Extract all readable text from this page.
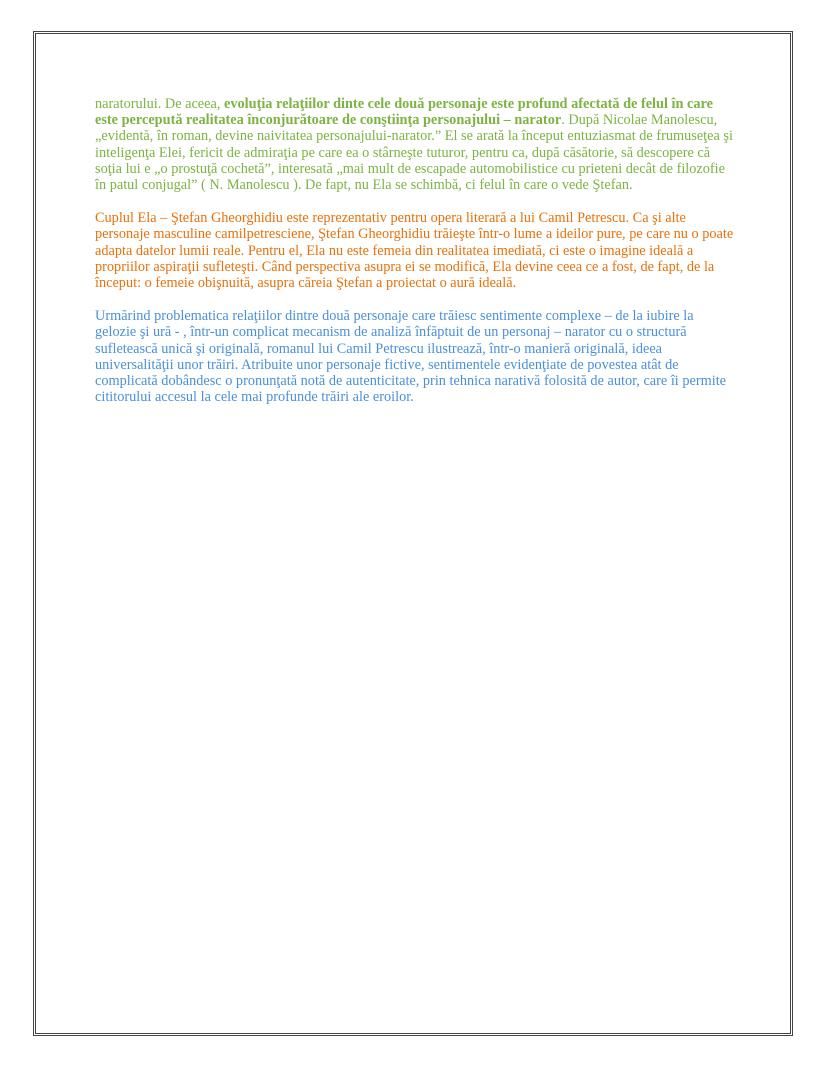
naratorului. De aceea, evoluţia relaţiilor dinte cele două personaje este profund afectată de felul în care este percepută realitatea înconjurătoare de conştiinţa personajului – narator. După Nicolae Manolescu, „evidentă, în roman, devine naivitatea personajului-narator.” El se arată la început entuziasmat de frumuseţea şi inteligenţa Elei, fericit de admiraţia pe care ea o stârneşte tuturor, pentru ca, după căsătorie, să descopere că soţia lui e „o prostuţă cochetă”, interesată „mai mult de escapade automobilistice cu prieteni decât de filozofie în patul conjugal” ( N. Manolescu ). De fapt, nu Ela se schimbă, ci felul în care o vede Ştefan.

Cuplul Ela – Ştefan Gheorghidiu este reprezentativ pentru opera literară a lui Camil Petrescu. Ca şi alte personaje masculine camilpetresciene, Ştefan Gheorghidiu trăieşte într-o lume a ideilor pure, pe care nu o poate adapta datelor lumii reale. Pentru el, Ela nu este femeia din realitatea imediată, ci este o imagine ideală a propriilor aspiraţii sufleteşti. Când perspectiva asupra ei se modifică, Ela devine ceea ce a fost, de fapt, de la început: o femeie obişnuită, asupra căreia Ştefan a proiectat o aură ideală.

Urmărind problematica relaţiilor dintre două personaje care trăiesc sentimente complexe – de la iubire la gelozie şi ură - , într-un complicat mecanism de analiză înfăptuit de un personaj – narator cu o structură sufletească unică şi originală, romanul lui Camil Petrescu ilustrează, într-o manieră originală, ideea universalităţii unor trăiri. Atribuite unor personaje fictive, sentimentele evidenţiate de povestea atât de complicată dobândesc o pronunţată notă de autenticitate, prin tehnica narativă folosită de autor, care îi permite cititorului accesul la cele mai profunde trăiri ale eroilor.
